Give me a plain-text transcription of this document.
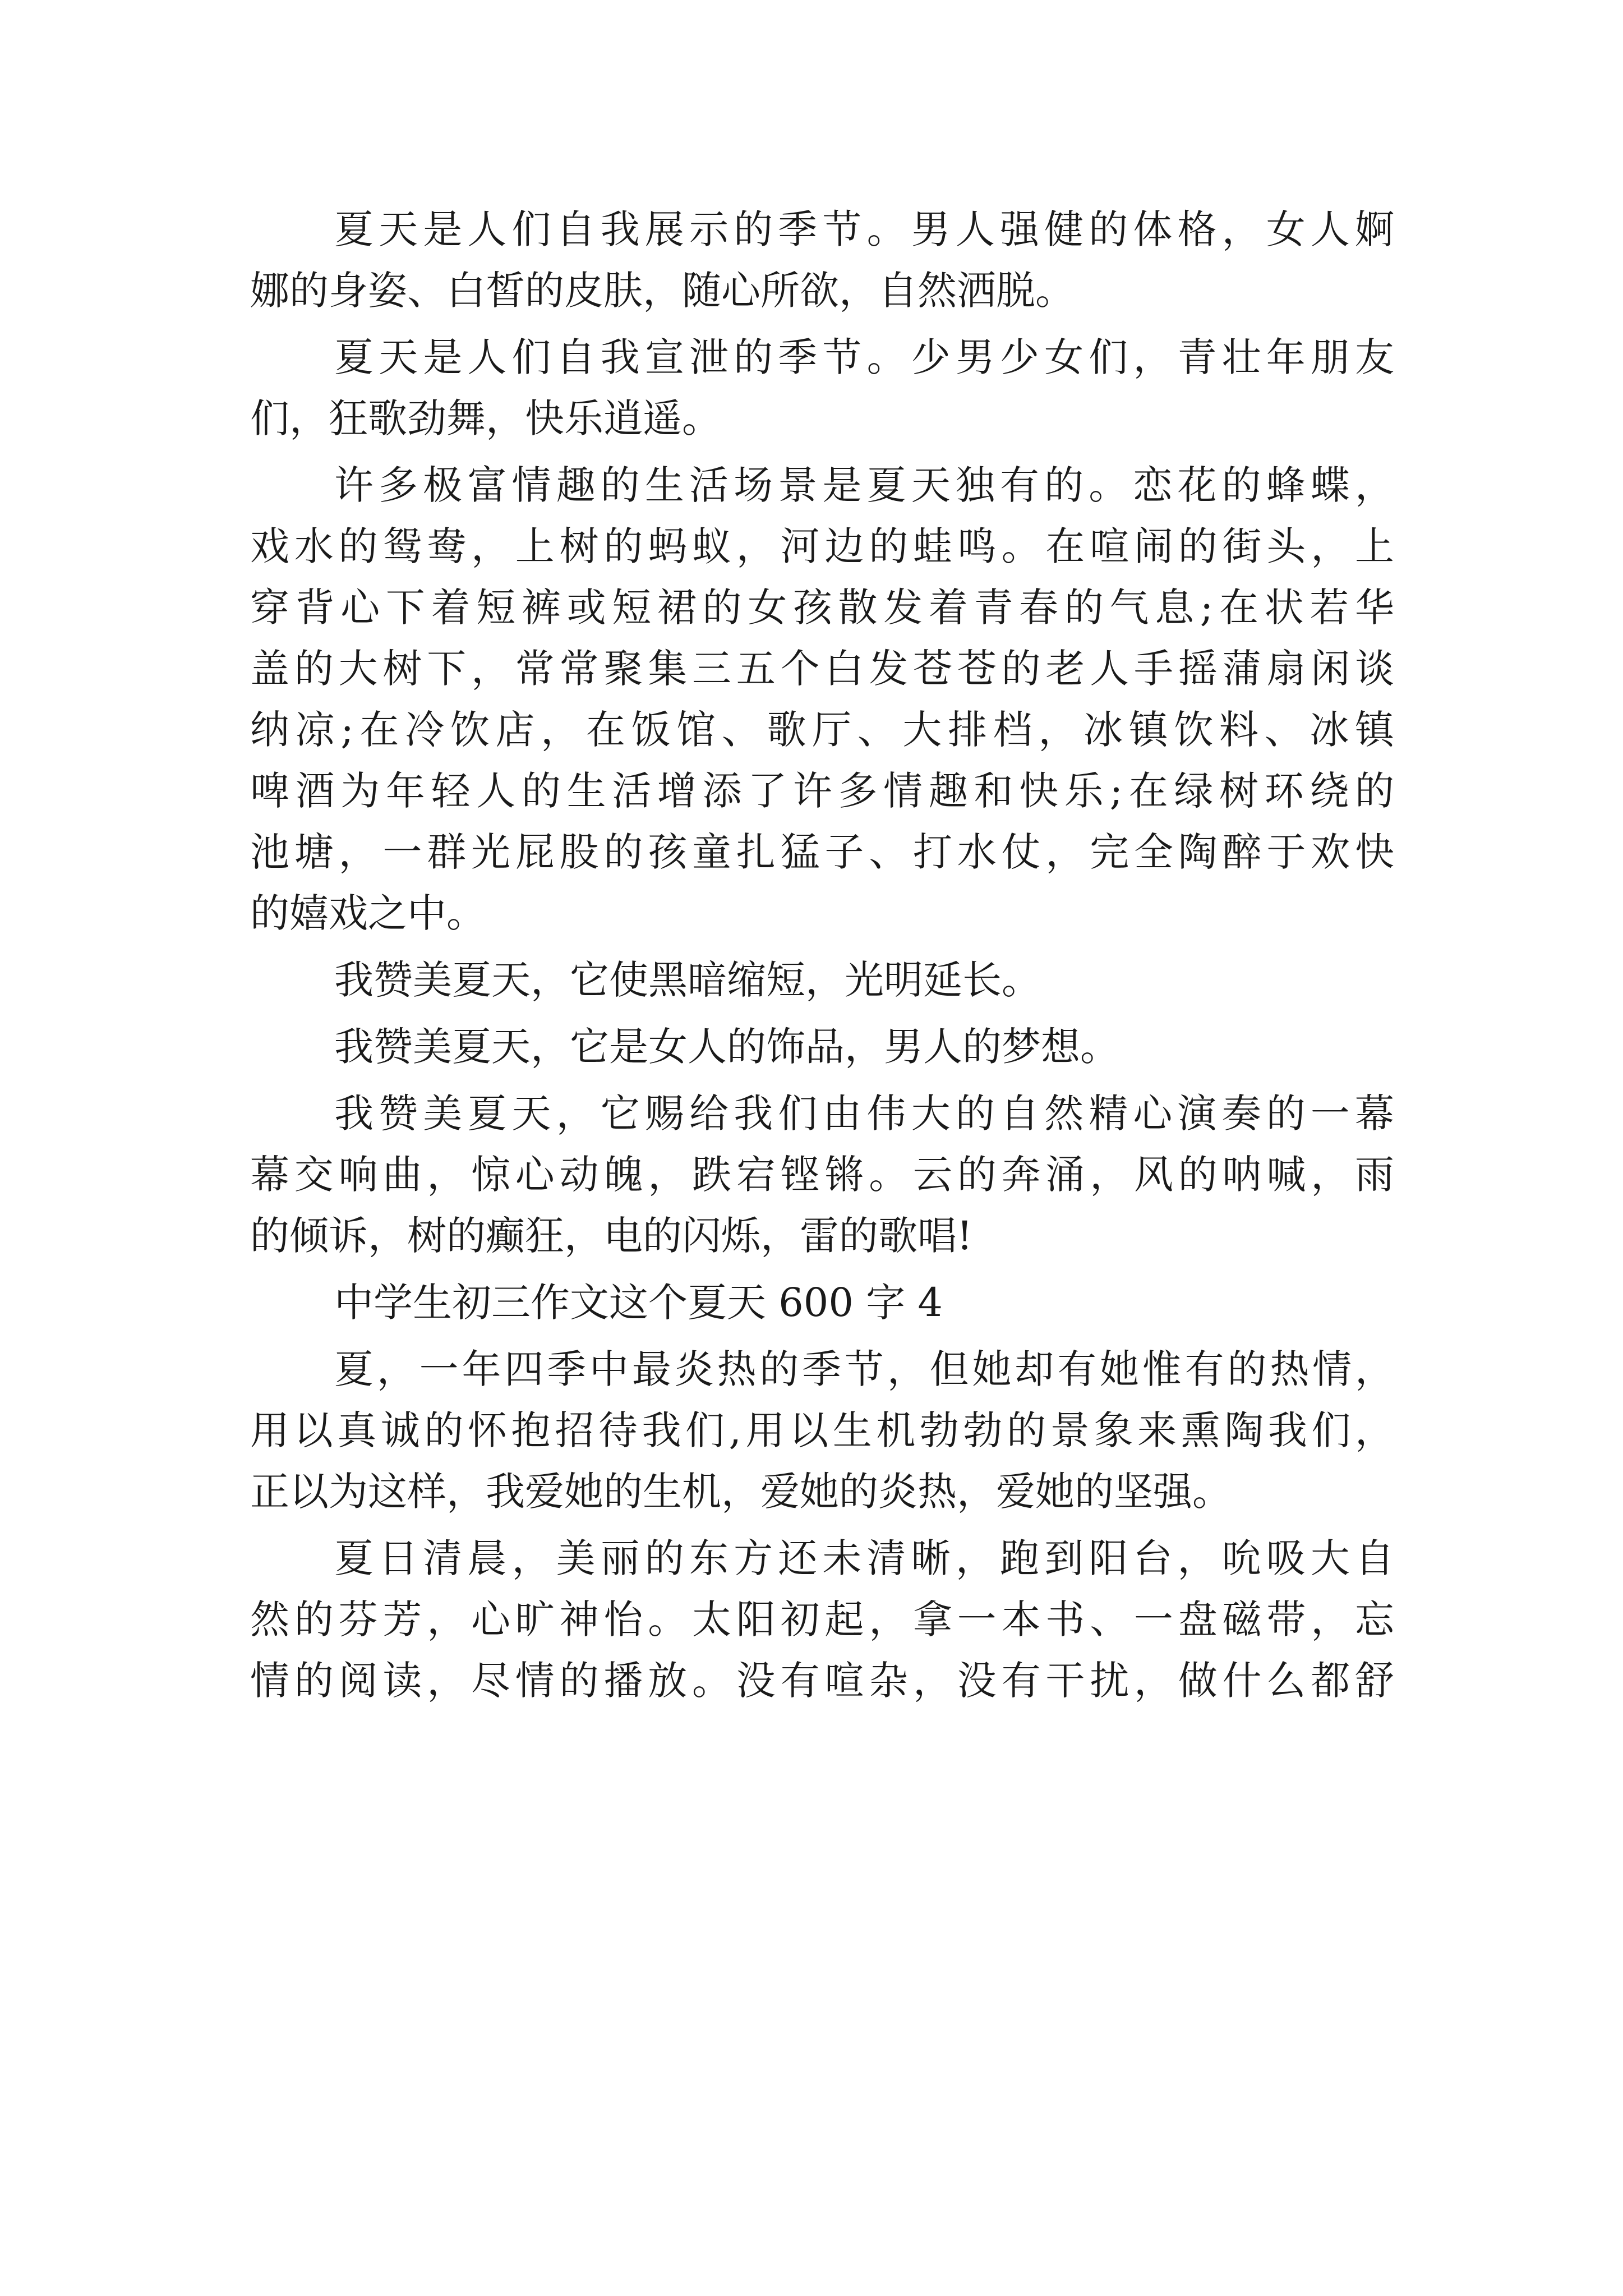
夏天是人们自我展示的季节。男人强健的体格，女人婀
娜的身姿、白皙的皮肤，随心所欲，自然洒脱。
夏天是人们自我宣泄的季节。少男少女们，青壮年朋友
们，狂歌劲舞，快乐逍遥。
许多极富情趣的生活场景是夏天独有的。恋花的蜂蝶，
戏水的鸳鸯，上树的蚂蚁，河边的蛙鸣。在喧闹的街头，上
穿背心下着短裤或短裙的女孩散发着青春的气息;在状若华
盖的大树下，常常聚集三五个白发苍苍的老人手摇蒲扇闲谈
纳凉;在冷饮店，在饭馆、歌厅、大排档，冰镇饮料、冰镇
啤酒为年轻人的生活增添了许多情趣和快乐;在绿树环绕的
池塘，一群光屁股的孩童扎猛子、打水仗，完全陶醉于欢快
的嬉戏之中。
我赞美夏天，它使黑暗缩短，光明延长。
我赞美夏天，它是女人的饰品，男人的梦想。
我赞美夏天，它赐给我们由伟大的自然精心演奏的一幕
幕交响曲，惊心动魄，跌宕铿锵。云的奔涌，风的呐喊，雨
的倾诉，树的癫狂，电的闪烁，雷的歌唱!
中学生初三作文这个夏天 600 字 4
夏，一年四季中最炎热的季节，但她却有她惟有的热情，
用以真诚的怀抱招待我们,用以生机勃勃的景象来熏陶我们，
正以为这样，我爱她的生机，爱她的炎热，爱她的坚强。
夏日清晨，美丽的东方还未清晰，跑到阳台，吮吸大自
然的芬芳，心旷神怡。太阳初起，拿一本书、一盘磁带，忘
情的阅读，尽情的播放。没有喧杂，没有干扰，做什么都舒
